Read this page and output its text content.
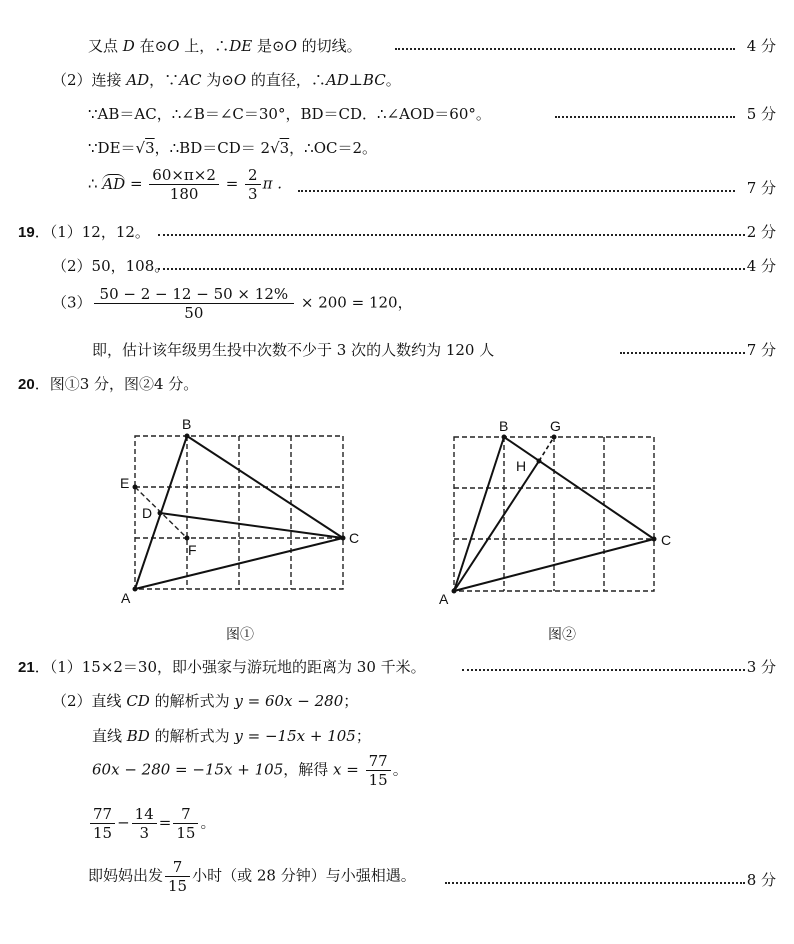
又点 D 在⊙O 上，∴DE 是⊙O 的切线。	4 分
（2）连接 AD，∵AC 为⊙O 的直径，∴AD⊥BC。
∵AB＝AC，∴∠B＝∠C＝30°，BD＝CD．∴∠AOD＝60°。	5 分
∵DE＝√3，∴BD＝CD＝ 2√3，∴OC＝2。
∴ AD = $\frac{60\times\pi\times 2}{180} = \frac{2}{3}$ π .	7 分
19．（1）12，12。	2 分
（2）50，108。	4 分
$(3) \frac{50 - 2 - 12 - 50 \times 12\%}{50} \times 200 = 120$，
即，估计该年级男生投中次数不少于 3 次的人数约为 120 人	7 分
20．图①3 分，图②4 分。
B
E
D
F
C
A
图①
B	G
H
C
A
图②
21．（1）15×2＝30，即小强家与游玩地的距离为 30 千米。	3 分
（2）直线 CD 的解析式为 y = 60x − 280；
直线 BD 的解析式为 y = −15x + 105；
60x − 280 = −15x + 105，解得 $x = \frac{77}{15}$ 。
$\frac{77}{15} - \frac{14}{3} = \frac{7}{15}$ 。
即妈妈出发 $\frac{7}{15}$ 小时（或 28 分钟）与小强相遇。	8 分
